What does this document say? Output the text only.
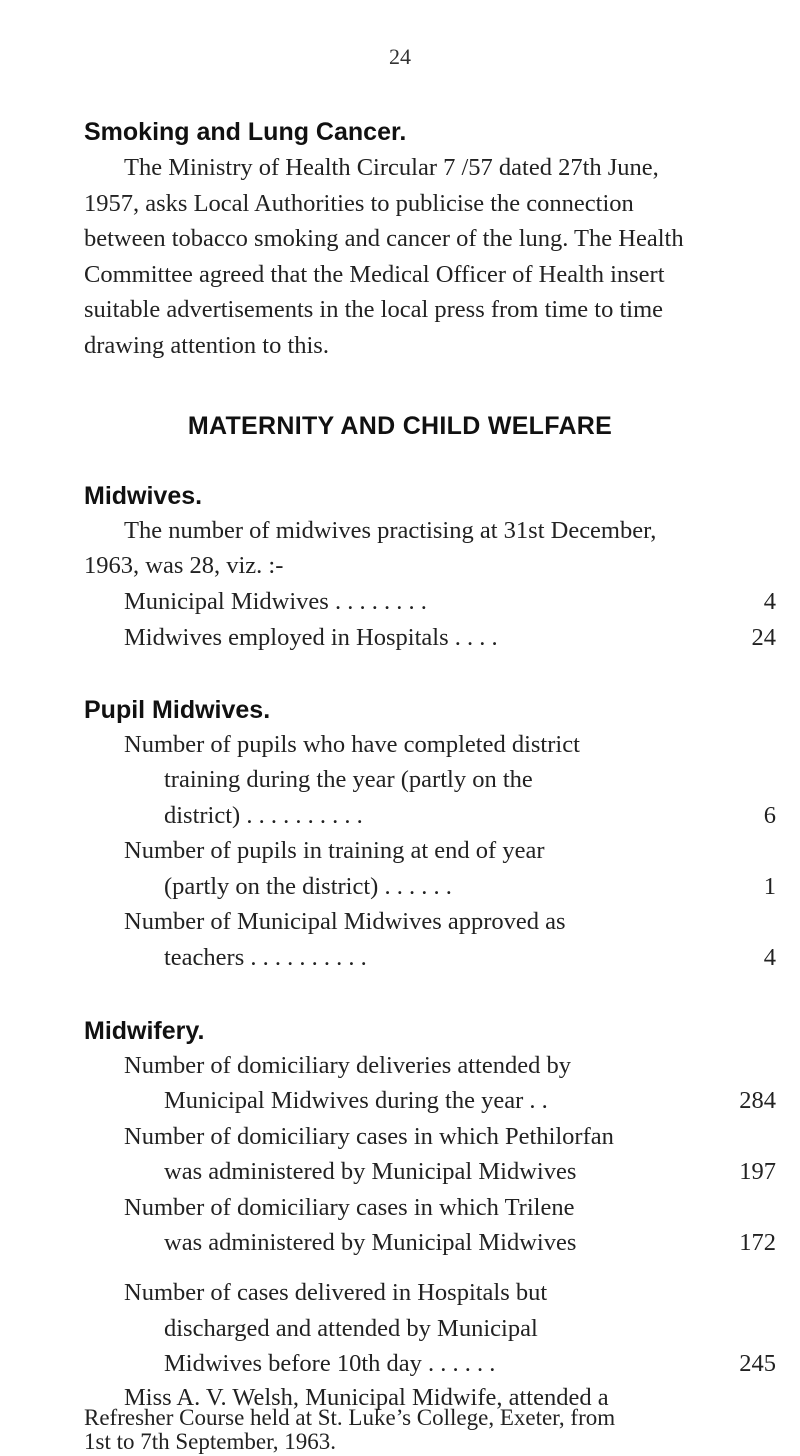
24
Smoking and Lung Cancer.
The Ministry of Health Circular 7 /57 dated 27th June,
1957, asks Local Authorities to publicise the connection
between tobacco smoking and cancer of the lung. The Health
Committee agreed that the Medical Officer of Health insert
suitable advertisements in the local press from time to time
drawing attention to this.
MATERNITY AND CHILD WELFARE
Midwives.
The number of midwives practising at 31st December,
1963, was 28, viz. :-
Municipal Midwives . . . . . . . .	4
Midwives employed in Hospitals . . . .	24
Pupil Midwives.
Number of pupils who have completed district
training during the year (partly on the
district) . . . . . . . . . .	6
Number of pupils in training at end of year
(partly on the district) . . . . . .	1
Number of Municipal Midwives approved as
teachers . . . . . . . . . .	4
Midwifery.
Number of domiciliary deliveries attended by
Municipal Midwives during the year . .	284
Number of domiciliary cases in which Pethilorfan
was administered by Municipal Midwives	197
Number of domiciliary cases in which Trilene
was administered by Municipal Midwives	172
Number of cases delivered in Hospitals but
discharged and attended by Municipal
Midwives before 10th day . . . . . .	245
Miss A. V. Welsh, Municipal Midwife, attended a
Refresher Course held at St. Luke’s College, Exeter, from
1st to 7th September, 1963.
